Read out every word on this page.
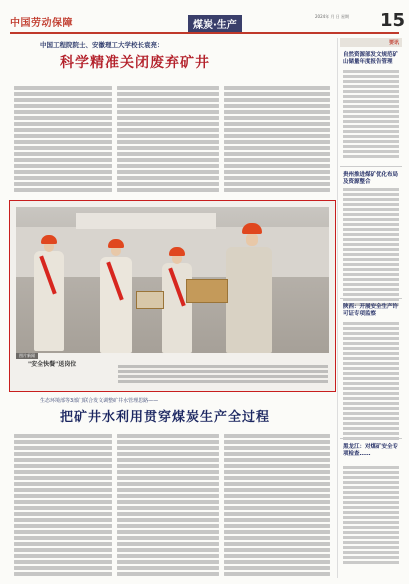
中国劳动保障	煤炭·生产
2024年 月 日 星期	15
中国工程院院士、安徽理工大学校长袁亮：
科学精准关闭废弃矿井
图片新闻
"安全快餐"送岗位
生态环境部等3部门联合发文调整矿井水管理思路——
把矿井水利用贯穿煤炭生产全过程
要讯
自然资源部发文规范矿山储量年度报告管理
贵州推进煤矿优化布局及资源整合
陕西：开展安全生产许可证专项监察
黑龙江：对煤矿安全专项检查……
